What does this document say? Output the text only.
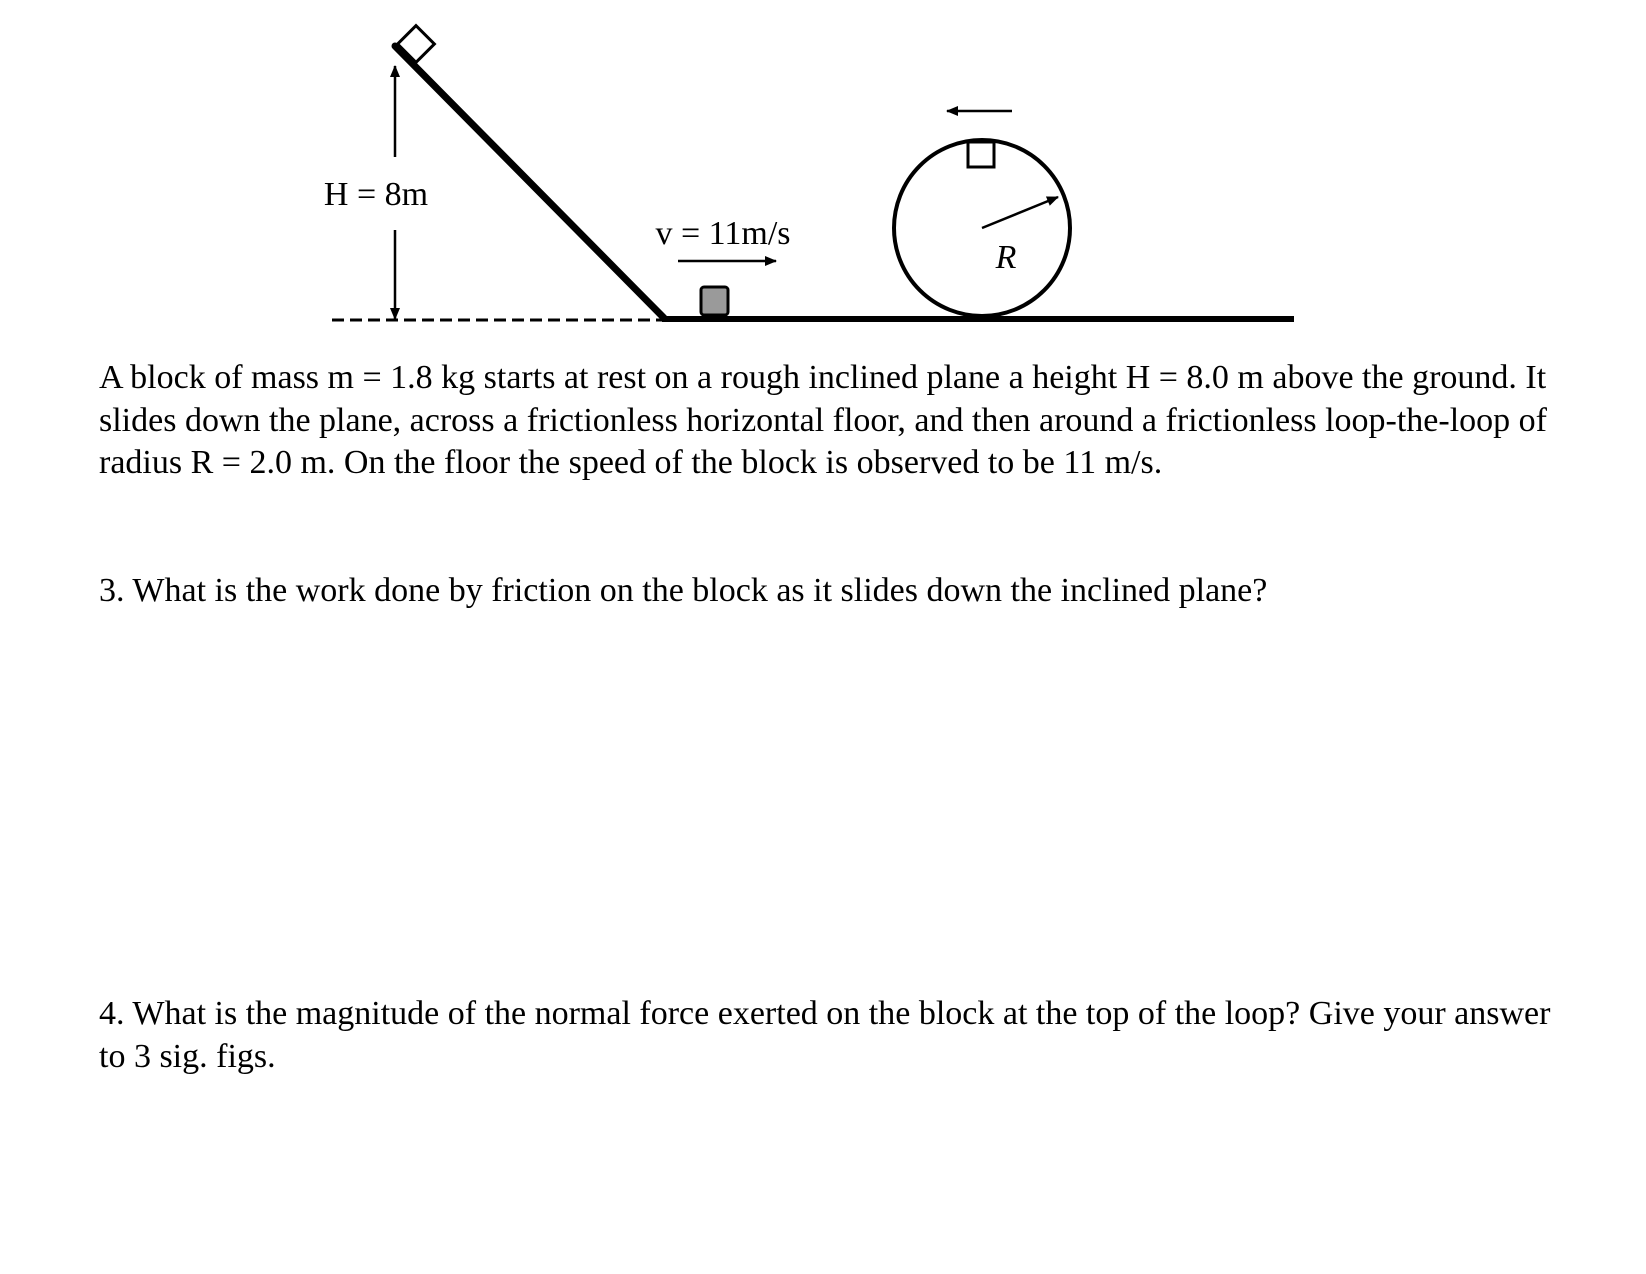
H = 8m
v = 11m/s
R

A block of mass m = 1.8 kg starts at rest on a rough inclined plane a height H = 8.0 m above the ground. It slides down the plane, across a frictionless horizontal floor, and then around a frictionless loop-the-loop of radius R = 2.0 m. On the floor the speed of the block is observed to be 11 m/s.

3. What is the work done by friction on the block as it slides down the inclined plane?

4. What is the magnitude of the normal force exerted on the block at the top of the loop? Give your answer to 3 sig. figs.
